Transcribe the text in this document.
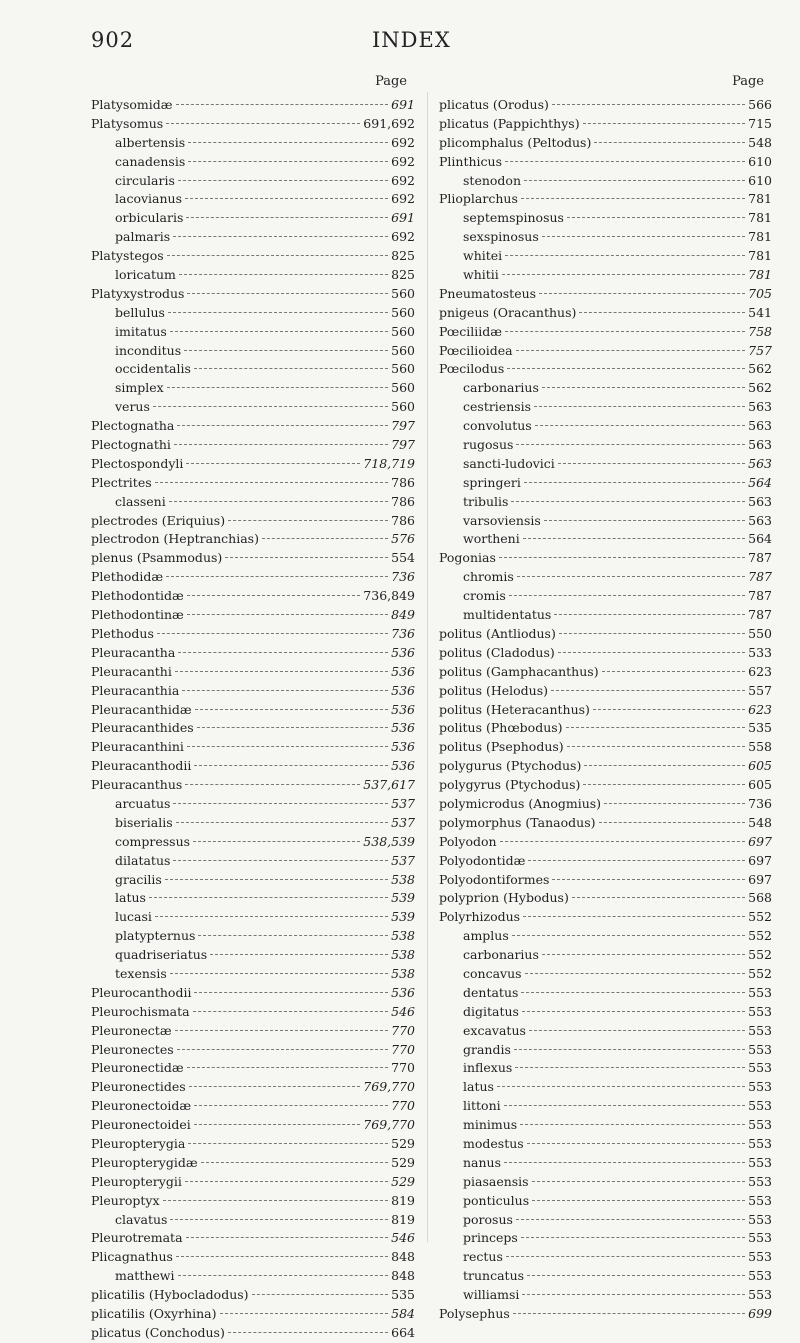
902	INDEX
Page
Platysomidæ	691
Platysomus	691,692
albertensis	692
canadensis	692
circularis	692
lacovianus	692
orbicularis	691
palmaris	692
Platystegos	825
loricatum	825
Platyxystrodus	560
bellulus	560
imitatus	560
inconditus	560
occidentalis	560
simplex	560
verus	560
Plectognatha	797
Plectognathi	797
Plectospondyli	718,719
Plectrites	786
classeni	786
plectrodes (Eriquius)	786
plectrodon (Heptranchias)	576
plenus (Psammodus)	554
Plethodidæ	736
Plethodontidæ	736,849
Plethodontinæ	849
Plethodus	736
Pleuracantha	536
Pleuracanthi	536
Pleuracanthia	536
Pleuracanthidæ	536
Pleuracanthides	536
Pleuracanthini	536
Pleuracanthodii	536
Pleuracanthus	537,617
arcuatus	537
biserialis	537
compressus	538,539
dilatatus	537
gracilis	538
latus	539
lucasi	539
platypternus	538
quadriseriatus	538
texensis	538
Pleurocanthodii	536
Pleurochismata	546
Pleuronectæ	770
Pleuronectes	770
Pleuronectidæ	770
Pleuronectides	769,770
Pleuronectoidæ	770
Pleuronectoidei	769,770
Pleuropterygia	529
Pleuropterygidæ	529
Pleuropterygii	529
Pleuroptyx	819
clavatus	819
Pleurotremata	546
Plicagnathus	848
matthewi	848
plicatilis (Hybocladodus)	535
plicatilis (Oxyrhina)	584
plicatus (Conchodus)	664
Page
plicatus (Orodus)	566
plicatus (Pappichthys)	715
plicomphalus (Peltodus)	548
Plinthicus	610
stenodon	610
Plioplarchus	781
septemspinosus	781
sexspinosus	781
whitei	781
whitii	781
Pneumatosteus	705
pnigeus (Oracanthus)	541
Pœciliidæ	758
Pœcilioidea	757
Pœcilodus	562
carbonarius	562
cestriensis	563
convolutus	563
rugosus	563
sancti-ludovici	563
springeri	564
tribulis	563
varsoviensis	563
wortheni	564
Pogonias	787
chromis	787
cromis	787
multidentatus	787
politus (Antliodus)	550
politus (Cladodus)	533
politus (Gamphacanthus)	623
politus (Helodus)	557
politus (Heteracanthus)	623
politus (Phœbodus)	535
politus (Psephodus)	558
polygurus (Ptychodus)	605
polygyrus (Ptychodus)	605
polymicrodus (Anogmius)	736
polymorphus (Tanaodus)	548
Polyodon	697
Polyodontidæ	697
Polyodontiformes	697
polyprion (Hybodus)	568
Polyrhizodus	552
amplus	552
carbonarius	552
concavus	552
dentatus	553
digitatus	553
excavatus	553
grandis	553
inflexus	553
latus	553
littoni	553
minimus	553
modestus	553
nanus	553
piasaensis	553
ponticulus	553
porosus	553
princeps	553
rectus	553
truncatus	553
williamsi	553
Polysephus	699
